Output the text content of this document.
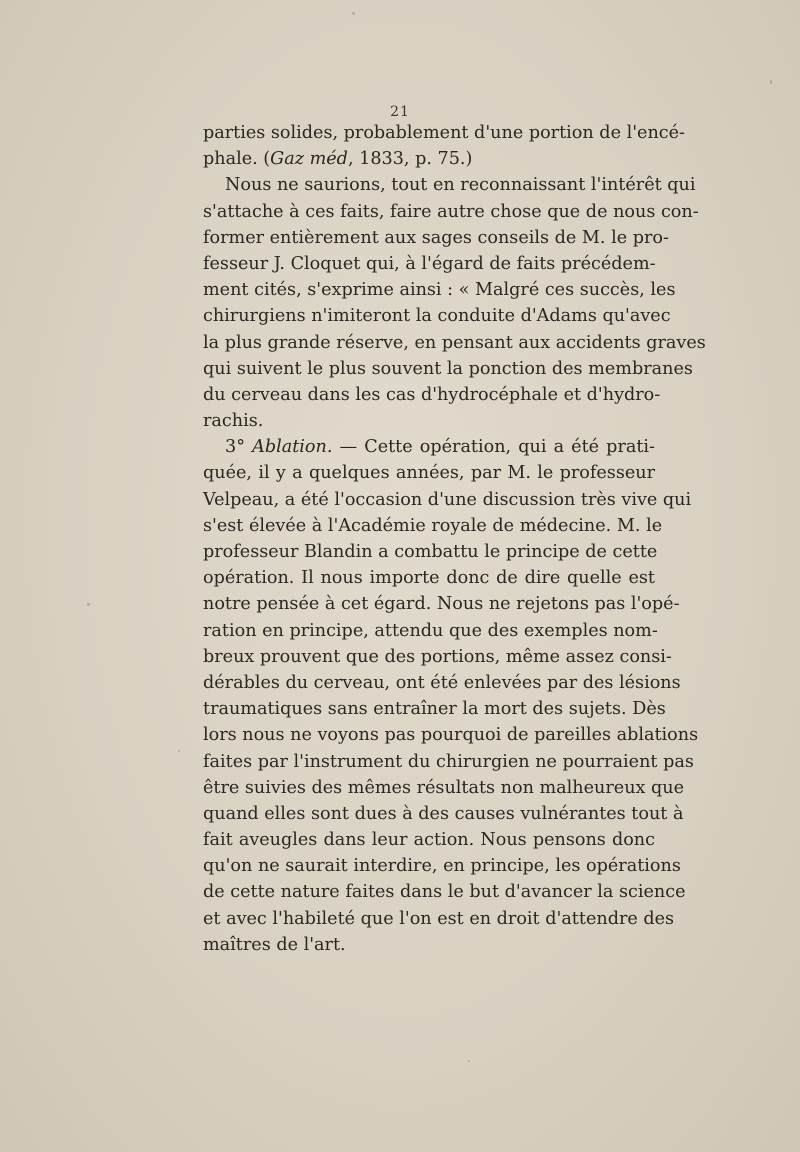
21
parties solides, probablement d'une portion de l'encé-
phale. (Gaz méd, 1833, p. 75.)
Nous ne saurions, tout en reconnaissant l'intérêt qui
s'attache à ces faits, faire autre chose que de nous con-
former entièrement aux sages conseils de M. le pro-
fesseur J. Cloquet qui, à l'égard de faits précédem-
ment cités, s'exprime ainsi : « Malgré ces succès, les
chirurgiens n'imiteront la conduite d'Adams qu'avec
la plus grande réserve, en pensant aux accidents graves
qui suivent le plus souvent la ponction des membranes
du cerveau dans les cas d'hydrocéphale et d'hydro-
rachis.
3° Ablation. — Cette opération, qui a été prati-
quée, il y a quelques années, par M. le professeur
Velpeau, a été l'occasion d'une discussion très vive qui
s'est élevée à l'Académie royale de médecine. M. le
professeur Blandin a combattu le principe de cette
opération. Il nous importe donc de dire quelle est
notre pensée à cet égard. Nous ne rejetons pas l'opé-
ration en principe, attendu que des exemples nom-
breux prouvent que des portions, même assez consi-
dérables du cerveau, ont été enlevées par des lésions
traumatiques sans entraîner la mort des sujets. Dès
lors nous ne voyons pas pourquoi de pareilles ablations
faites par l'instrument du chirurgien ne pourraient pas
être suivies des mêmes résultats non malheureux que
quand elles sont dues à des causes vulnérantes tout à
fait aveugles dans leur action. Nous pensons donc
qu'on ne saurait interdire, en principe, les opérations
de cette nature faites dans le but d'avancer la science
et avec l'habileté que l'on est en droit d'attendre des
maîtres de l'art.
